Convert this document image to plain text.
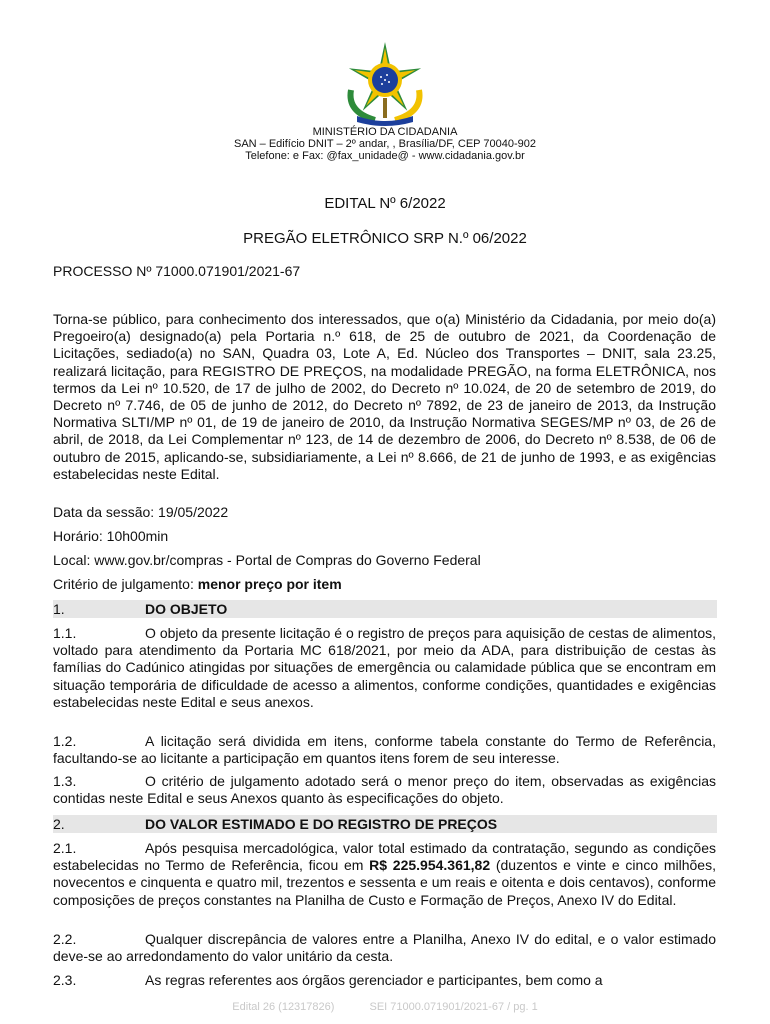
MINISTÉRIO DA CIDADANIA
SAN – Edifício DNIT – 2º andar, , Brasília/DF, CEP 70040-902
Telefone: e Fax: @fax_unidade@ - www.cidadania.gov.br
EDITAL Nº 6/2022
PREGÃO ELETRÔNICO SRP N.º 06/2022
PROCESSO Nº 71000.071901/2021-67
Torna-se público, para conhecimento dos interessados, que o(a) Ministério da Cidadania, por meio do(a) Pregoeiro(a) designado(a) pela Portaria n.º 618, de 25 de outubro de 2021, da Coordenação de Licitações, sediado(a) no SAN, Quadra 03, Lote A, Ed. Núcleo dos Transportes – DNIT, sala 23.25, realizará licitação, para REGISTRO DE PREÇOS, na modalidade PREGÃO, na forma ELETRÔNICA, nos termos da Lei nº 10.520, de 17 de julho de 2002, do Decreto nº 10.024, de 20 de setembro de 2019, do Decreto nº 7.746, de 05 de junho de 2012, do Decreto nº 7892, de 23 de janeiro de 2013, da Instrução Normativa SLTI/MP nº 01, de 19 de janeiro de 2010, da Instrução Normativa SEGES/MP nº 03, de 26 de abril, de 2018, da Lei Complementar nº 123, de 14 de dezembro de 2006, do Decreto nº 8.538, de 06 de outubro de 2015, aplicando-se, subsidiariamente, a Lei nº 8.666, de 21 de junho de 1993, e as exigências estabelecidas neste Edital.
Data da sessão: 19/05/2022
Horário: 10h00min
Local: www.gov.br/compras - Portal de Compras do Governo Federal
Critério de julgamento: menor preço por item
1.	DO OBJETO
1.1.	O objeto da presente licitação é o registro de preços para aquisição de cestas de alimentos, voltado para atendimento da Portaria MC 618/2021, por meio da ADA, para distribuição de cestas às famílias do Cadúnico atingidas por situações de emergência ou calamidade pública que se encontram em situação temporária de dificuldade de acesso a alimentos, conforme condições, quantidades e exigências estabelecidas neste Edital e seus anexos.
1.2.	A licitação será dividida em itens, conforme tabela constante do Termo de Referência, facultando-se ao licitante a participação em quantos itens forem de seu interesse.
1.3.	O critério de julgamento adotado será o menor preço do item, observadas as exigências contidas neste Edital e seus Anexos quanto às especificações do objeto.
2.	DO VALOR ESTIMADO E DO REGISTRO DE PREÇOS
2.1.	Após pesquisa mercadológica, valor total estimado da contratação, segundo as condições estabelecidas no Termo de Referência, ficou em R$ 225.954.361,82 (duzentos e vinte e cinco milhões, novecentos e cinquenta e quatro mil, trezentos e sessenta e um reais e oitenta e dois centavos), conforme composições de preços constantes na Planilha de Custo e Formação de Preços, Anexo IV do Edital.
2.2.	Qualquer discrepância de valores entre a Planilha, Anexo IV do edital, e o valor estimado deve-se ao arredondamento do valor unitário da cesta.
2.3.	As regras referentes aos órgãos gerenciador e participantes, bem como a
Edital 26 (12317826)	SEI 71000.071901/2021-67 / pg. 1
